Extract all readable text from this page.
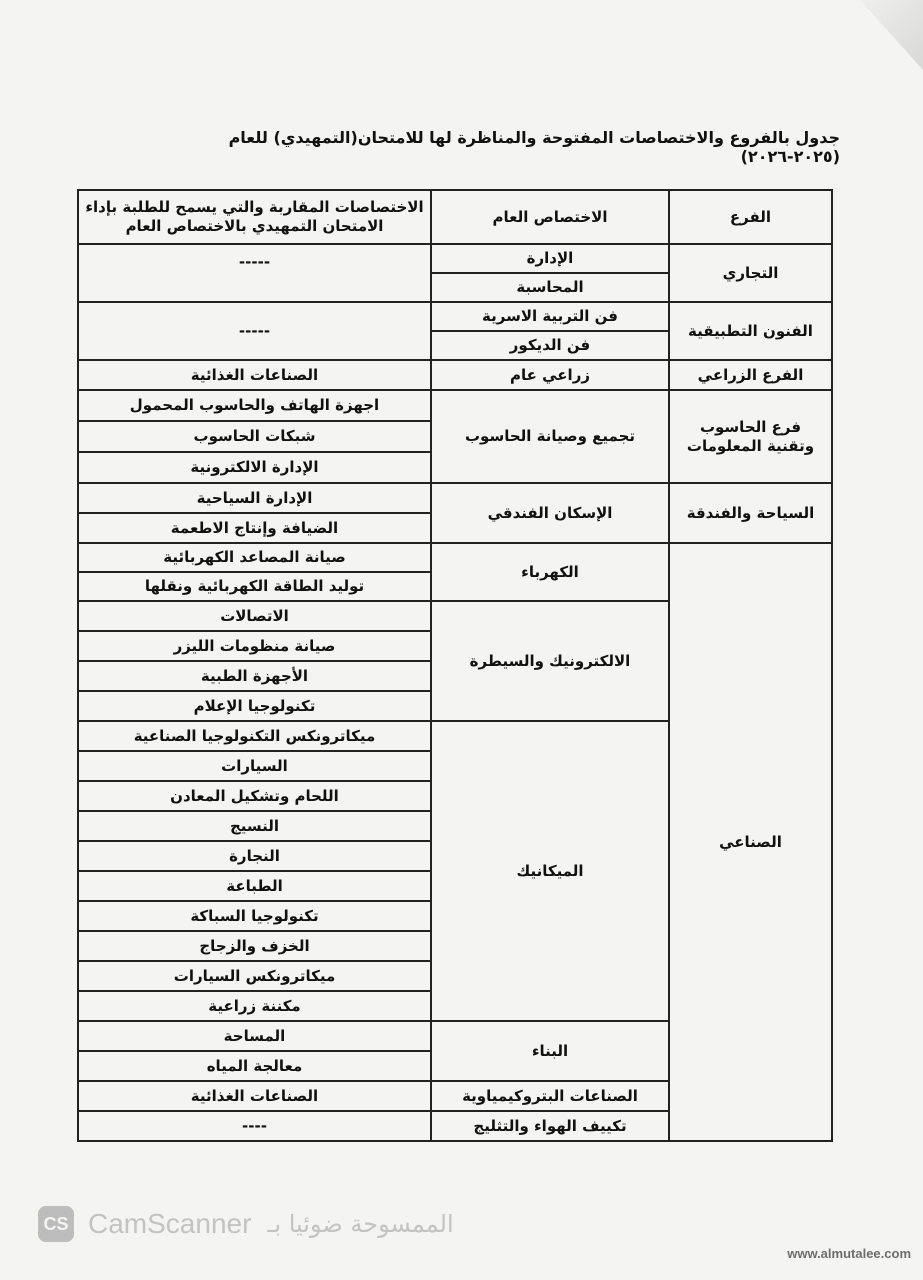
جدول بالفروع والاختصاصات المفتوحة والمناظرة لها للامتحان(التمهيدي) للعام (٢٠٢٥-٢٠٢٦)
الفرع	الاختصاص العام	الاختصاصات المقاربة والتي يسمح للطلبة بإداء الامتحان التمهيدي بالاختصاص العام
التجاري	الإدارة	-----
	المحاسبة	
الفنون التطبيقية	فن التربية الاسرية	-----
	فن الديكور	
الفرع الزراعي	زراعي عام	الصناعات الغذائية
فرع الحاسوب وتقنية المعلومات	تجميع وصيانة الحاسوب	اجهزة الهاتف والحاسوب المحمول
		شبكات الحاسوب
		الإدارة الالكترونية
السياحة والفندقة	الإسكان الفندقي	الإدارة السياحية
		الضيافة وإنتاج الاطعمة
الصناعي	الكهرباء	صيانة المصاعد الكهربائية
		توليد الطاقة الكهربائية ونقلها
	الالكترونيك والسيطرة	الاتصالات
		صيانة منظومات الليزر
		الأجهزة الطبية
		تكنولوجيا الإعلام
	الميكانيك	ميكاترونكس التكنولوجيا الصناعية
		السيارات
		اللحام وتشكيل المعادن
		النسيج
		النجارة
		الطباعة
		تكنولوجيا السباكة
		الخزف والزجاج
		ميكاترونكس السيارات
		مكننة زراعية
	البناء	المساحة
		معالجة المياه
	الصناعات البتروكيمياوية	الصناعات الغذائية
	تكييف الهواء والتثليج	----
CS CamScanner الممسوحة ضوئيا بـ
www.almutalee.com
